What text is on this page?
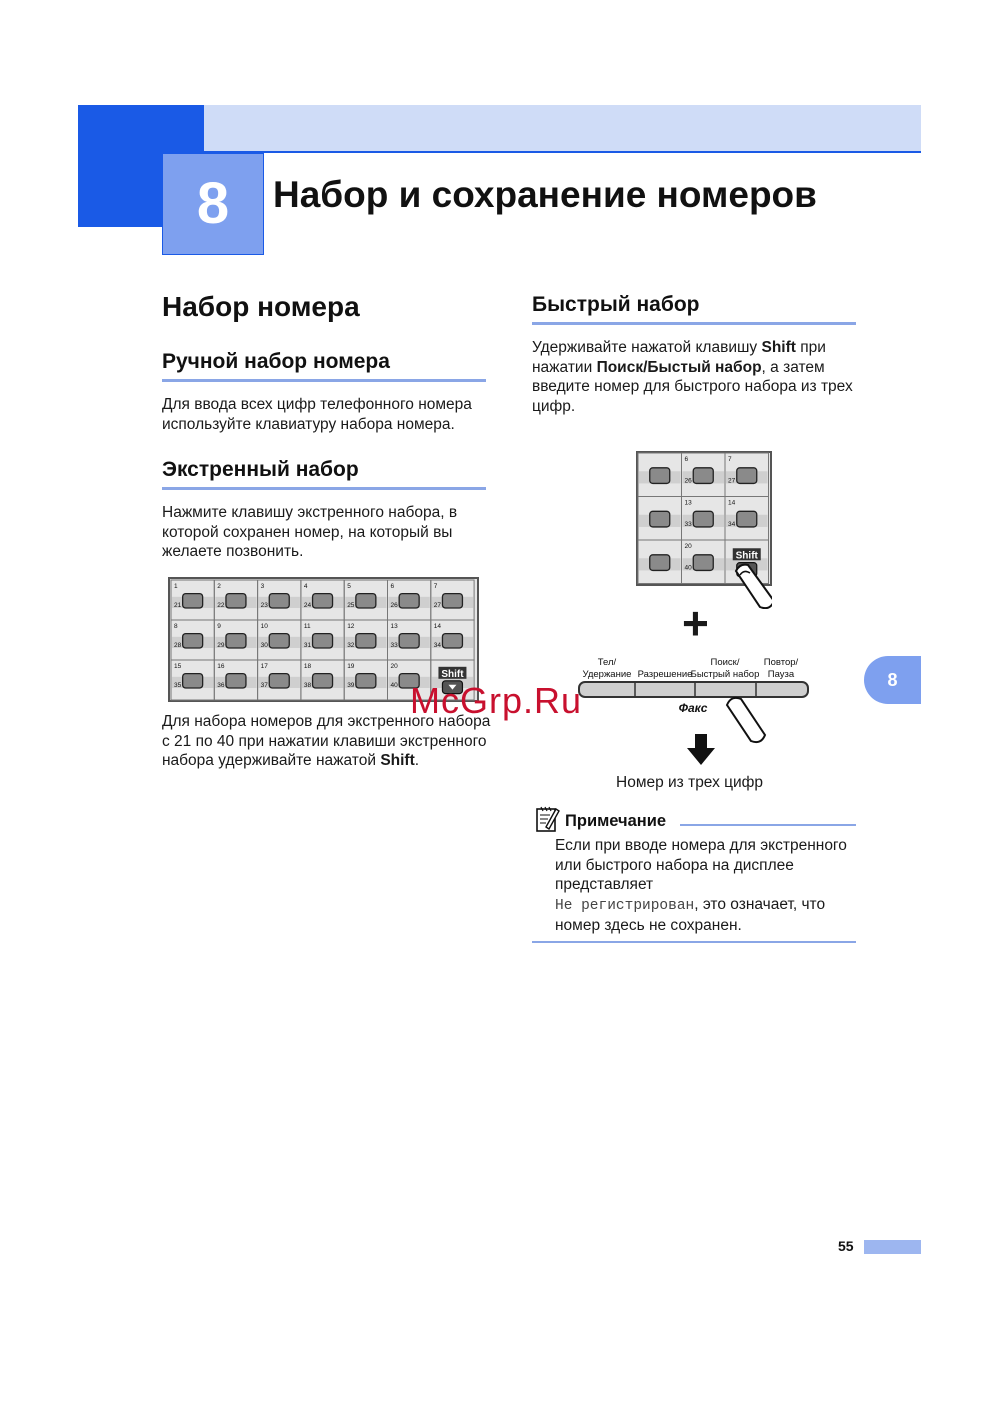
8	Набор и сохранение номеров
Набор номера
Ручной набор номера

Для ввода всех цифр телефонного номера используйте клавиатуру набора номера.

Экстренный набор

Нажмите клавишу экстренного набора, в которой сохранен номер, на который вы желаете позвонить.

1
21
2
22
3
23
4
24
5
25
6
26
7
27
8
28
9
29
10
30
11
31
12
32
13
33
14
34
15
35
16
36
17
37
18
38
19
39
20
40
Shift

Для набора номеров для экстренного набора с 21 по 40 при нажатии клавиши экстренного набора удерживайте нажатой Shift.

Быстрый набор

Удерживайте нажатой клавишу Shift при нажатии Поиск/Быстый набор, а затем введите номер для быстрого набора из трех цифр.

6
26
7
27
13
33
14
34
20
40
Shift
+
Тел/
Удержание Разрешение
Поиск/
Быстрый набор
Повтор/
Пауза
Факс
Номер из трех цифр
Примечание

Если при вводе номера для экстренного или быстрого набора на дисплее представляет
Не регистрирован, это означает, что номер здесь не сохранен.

8
McGrp.Ru
55
